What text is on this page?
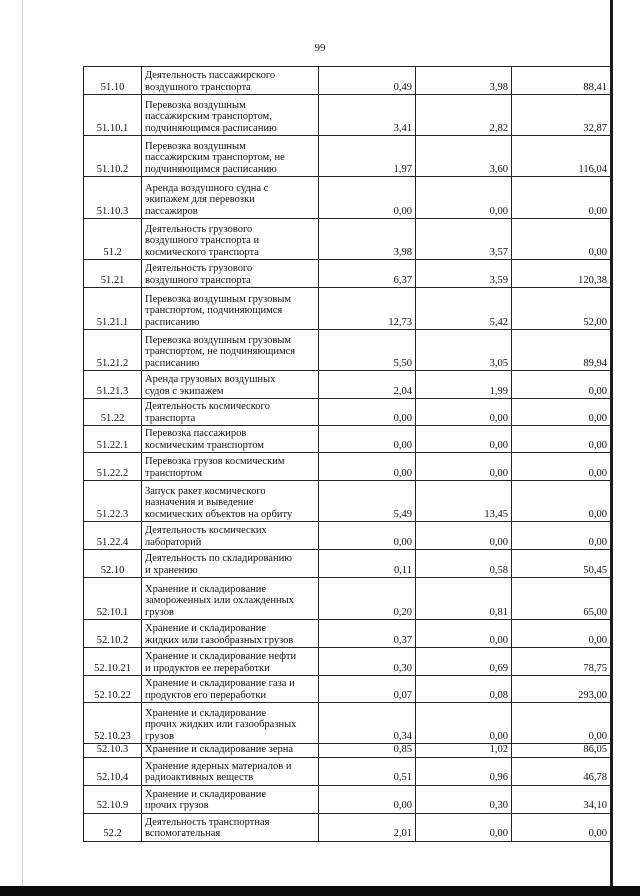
99
51.10	Деятельность пассажирского
воздушного транспорта	0,49	3,98	88,41
51.10.1	Перевозка воздушным
пассажирским транспортом,
подчиняющимся расписанию	3,41	2,82	32,87
51.10.2	Перевозка воздушным
пассажирским транспортом, не
подчиняющимся расписанию	1,97	3,60	116,04
51.10.3	Аренда воздушного судна с
экипажем для перевозки
пассажиров	0,00	0,00	0,00
51.2	Деятельность грузового
воздушного транспорта и
космического транспорта	3,98	3,57	0,00
51.21	Деятельность грузового
воздушного транспорта	6,37	3,59	120,38
51.21.1	Перевозка воздушным грузовым
транспортом, подчиняющимся
расписанию	12,73	5,42	52,00
51.21.2	Перевозка воздушным грузовым
транспортом, не подчиняющимся
расписанию	5,50	3,05	89,94
51.21.3	Аренда грузовых воздушных
судов с экипажем	2,04	1,99	0,00
51.22	Деятельность космического
транспорта	0,00	0,00	0,00
51.22.1	Перевозка пассажиров
космическим транспортом	0,00	0,00	0,00
51.22.2	Перевозка грузов космическим
транспортом	0,00	0,00	0,00
51.22.3	Запуск ракет космического
назначения и выведение
космических объектов на орбиту	5,49	13,45	0,00
51.22.4	Деятельность космических
лабораторий	0,00	0,00	0,00
52.10	Деятельность по складированию
и хранению	0,11	0,58	50,45
52.10.1	Хранение и складирование
замороженных или охлажденных
грузов	0,20	0,81	65,00
52.10.2	Хранение и складирование
жидких или газообразных грузов	0,37	0,00	0,00
52.10.21	Хранение и складирование нефти
и продуктов ее переработки	0,30	0,69	78,75
52.10.22	Хранение и складирование газа и
продуктов его переработки	0,07	0,08	293,00
52.10.23	Хранение и складирование
прочих жидких или газообразных
грузов	0,34	0,00	0,00
52.10.3	Хранение и складирование зерна	0,85	1,02	86,05
52.10.4	Хранение ядерных материалов и
радиоактивных веществ	0,51	0,96	46,78
52.10.9	Хранение и складирование
прочих грузов	0,00	0,30	34,10
52.2	Деятельность транспортная
вспомогательная	2,01	0,00	0,00
